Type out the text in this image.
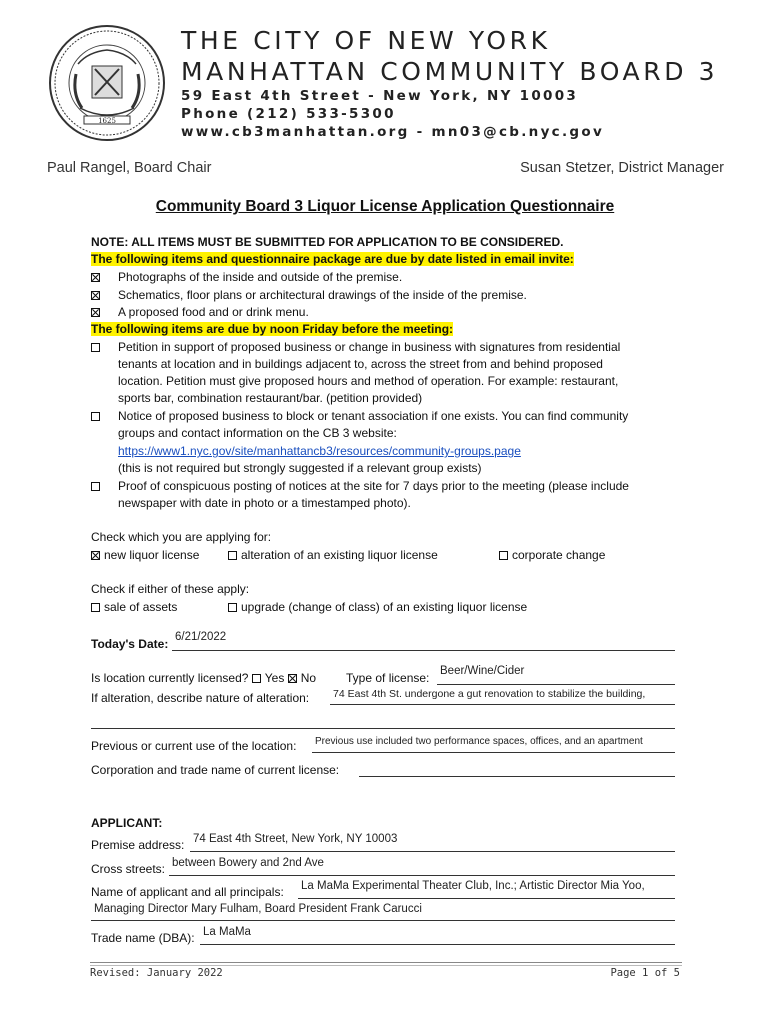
1625
THE CITY OF NEW YORK
MANHATTAN COMMUNITY BOARD 3
59 East 4th Street - New York, NY 10003
Phone (212) 533-5300
www.cb3manhattan.org - mn03@cb.nyc.gov
Paul Rangel, Board Chair	Susan Stetzer, District Manager
Community Board 3 Liquor License Application Questionnaire
NOTE: ALL ITEMS MUST BE SUBMITTED FOR APPLICATION TO BE CONSIDERED.
The following items and questionnaire package are due by date listed in email invite:
Photographs of the inside and outside of the premise.
Schematics, floor plans or architectural drawings of the inside of the premise.
A proposed food and or drink menu.
The following items are due by noon Friday before the meeting:
Petition in support of proposed business or change in business with signatures from residential
tenants at location and in buildings adjacent to, across the street from and behind proposed
location. Petition must give proposed hours and method of operation. For example: restaurant,
sports bar, combination restaurant/bar. (petition provided)
Notice of proposed business to block or tenant association if one exists. You can find community
groups and contact information on the CB 3 website:
https://www1.nyc.gov/site/manhattancb3/resources/community-groups.page
(this is not required but strongly suggested if a relevant group exists)
Proof of conspicuous posting of notices at the site for 7 days prior to the meeting (please include
newspaper with date in photo or a timestamped photo).
Check which you are applying for:
new liquor license	alteration of an existing liquor license	corporate change
Check if either of these apply:
sale of assets	upgrade (change of class) of an existing liquor license
Today's Date: 6/21/2022
Is location currently licensed? Yes No Type of license: Beer/Wine/Cider
If alteration, describe nature of alteration: 74 East 4th St. undergone a gut renovation to stabilize the building,
Previous or current use of the location: Previous use included two performance spaces, offices, and an apartment
Corporation and trade name of current license:
APPLICANT:
Premise address: 74 East 4th Street, New York, NY 10003
Cross streets: between Bowery and 2nd Ave
Name of applicant and all principals: La MaMa Experimental Theater Club, Inc.; Artistic Director Mia Yoo,
Managing Director Mary Fulham, Board President Frank Carucci
Trade name (DBA): La MaMa
Revised: January 2022	Page 1 of 5
